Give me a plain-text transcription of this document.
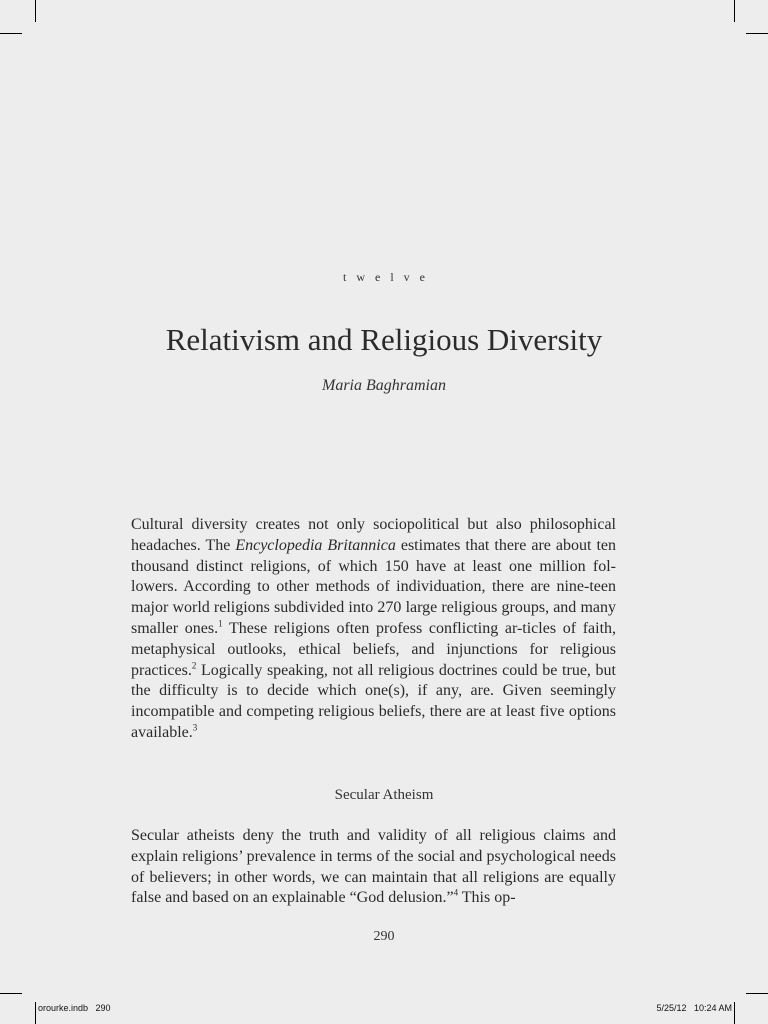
twelve
Relativism and Religious Diversity
Maria Baghramian

Cultural diversity creates not only sociopolitical but also philosophical headaches. The Encyclopedia Britannica estimates that there are about ten thousand distinct religions, of which 150 have at least one million fol-lowers. According to other methods of individuation, there are nine-teen major world religions subdivided into 270 large religious groups, and many smaller ones.$^1$ These religions often profess conflicting ar-ticles of faith, metaphysical outlooks, ethical beliefs, and injunctions for religious practices.$^2$ Logically speaking, not all religious doctrines could be true, but the difficulty is to decide which one(s), if any, are. Given seemingly incompatible and competing religious beliefs, there are at least five options available.$^3$

Secular Atheism

Secular atheists deny the truth and validity of all religious claims and explain religions’ prevalence in terms of the social and psychological needs of believers; in other words, we can maintain that all religions are equally false and based on an explainable “God delusion.”$^4$ This op-

290
orourke.indb   290	5/25/12   10:24 AM
